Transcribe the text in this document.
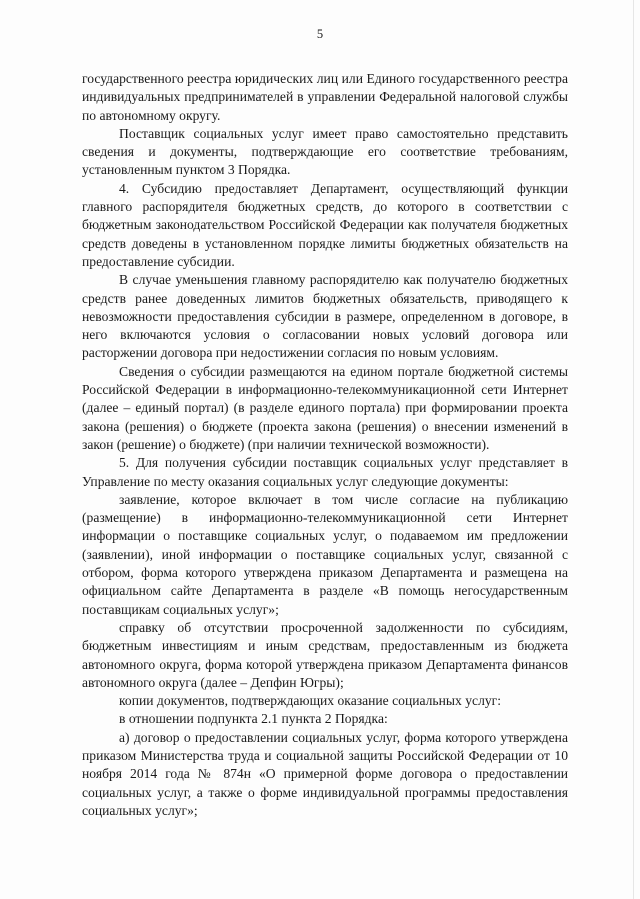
5

государственного реестра юридических лиц или Единого государственного реестра индивидуальных предпринимателей в управлении Федеральной налоговой службы по автономному округу.

Поставщик социальных услуг имеет право самостоятельно представить сведения и документы, подтверждающие его соответствие требованиям, установленным пунктом 3 Порядка.

4. Субсидию предоставляет Департамент, осуществляющий функции главного распорядителя бюджетных средств, до которого в соответствии с бюджетным законодательством Российской Федерации как получателя бюджетных средств доведены в установленном порядке лимиты бюджетных обязательств на предоставление субсидии.

В случае уменьшения главному распорядителю как получателю бюджетных средств ранее доведенных лимитов бюджетных обязательств, приводящего к невозможности предоставления субсидии в размере, определенном в договоре, в него включаются условия о согласовании новых условий договора или расторжении договора при недостижении согласия по новым условиям.

Сведения о субсидии размещаются на едином портале бюджетной системы Российской Федерации в информационно-телекоммуникационной сети Интернет (далее – единый портал) (в разделе единого портала) при формировании проекта закона (решения) о бюджете (проекта закона (решения) о внесении изменений в закон (решение) о бюджете) (при наличии технической возможности).

5. Для получения субсидии поставщик социальных услуг представляет в Управление по месту оказания социальных услуг следующие документы:

заявление, которое включает в том числе согласие на публикацию (размещение) в информационно-телекоммуникационной сети Интернет информации о поставщике социальных услуг, о подаваемом им предложении (заявлении), иной информации о поставщике социальных услуг, связанной с отбором, форма которого утверждена приказом Департамента и размещена на официальном сайте Департамента в разделе «В помощь негосударственным поставщикам социальных услуг»;

справку об отсутствии просроченной задолженности по субсидиям, бюджетным инвестициям и иным средствам, предоставленным из бюджета автономного округа, форма которой утверждена приказом Департамента финансов автономного округа (далее – Депфин Югры);

копии документов, подтверждающих оказание социальных услуг:

в отношении подпункта 2.1 пункта 2 Порядка:

а) договор о предоставлении социальных услуг, форма которого утверждена приказом Министерства труда и социальной защиты Российской Федерации от 10 ноября 2014 года № 874н «О примерной форме договора о предоставлении социальных услуг, а также о форме индивидуальной программы предоставления социальных услуг»;
